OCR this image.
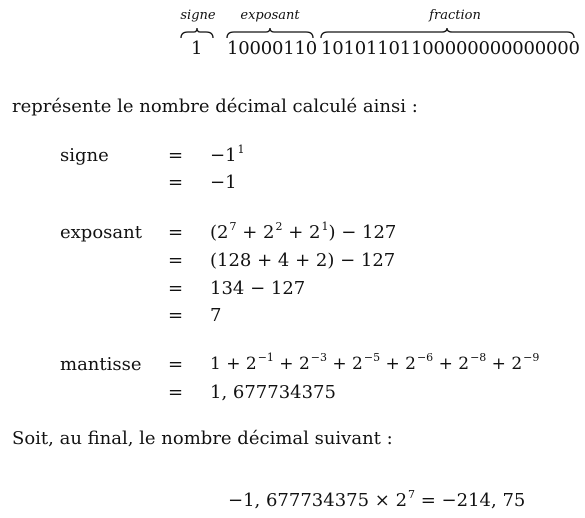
signe	exposant	fraction
1 10000110 10101101100000000000000
représente le nombre décimal calculé ainsi :
signe	= $-1^1$
= −1
exposant = $(2^7 + 2^2 + 2^1) - 127$
= (128 + 4 + 2) − 127
= 134 − 127
= 7
mantisse = $1 + 2^{-1} + 2^{-3} + 2^{-5} + 2^{-6} + 2^{-8} + 2^{-9}$
= 1, 677734375
Soit, au final, le nombre décimal suivant :
−1, $677734375 \times 2^7 = -214$, 75
